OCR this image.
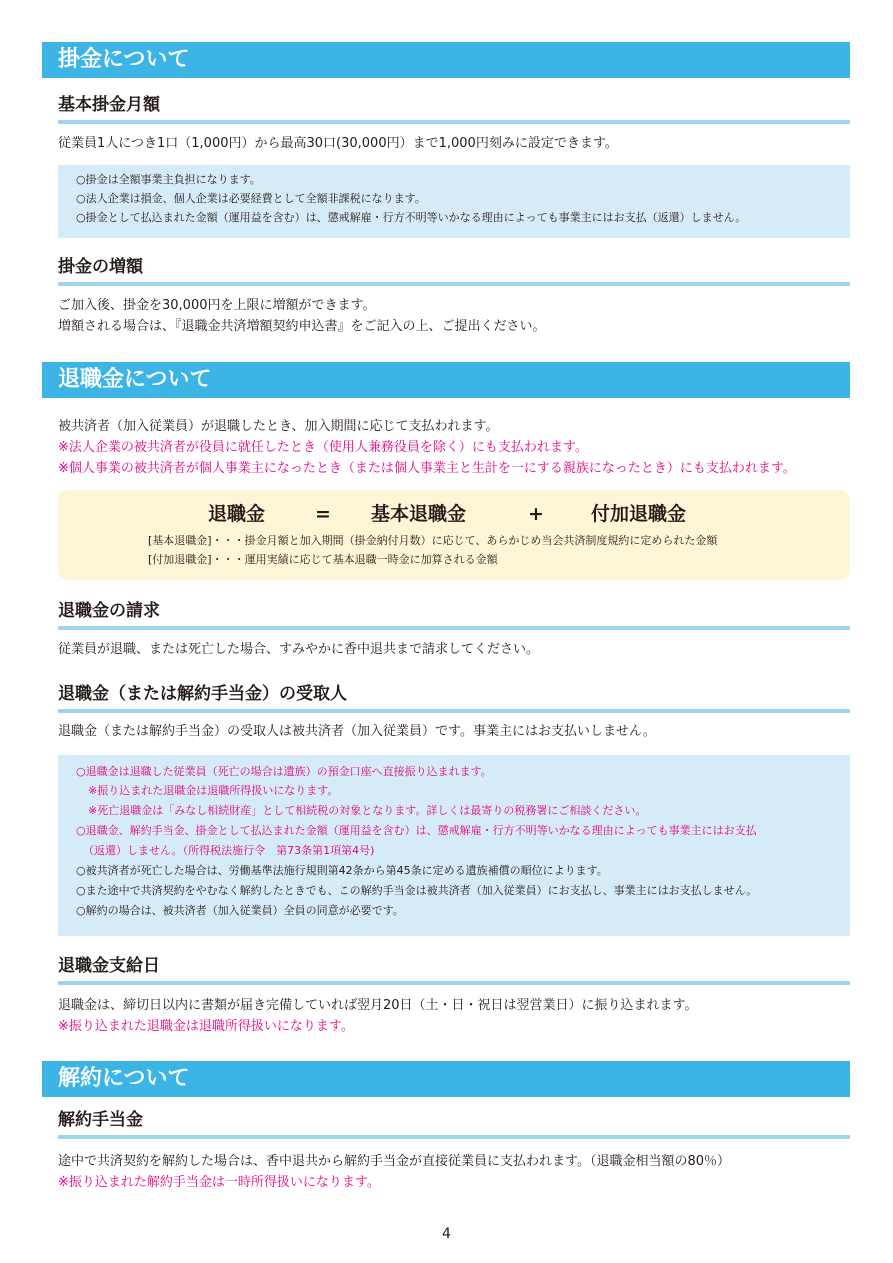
掛金について
基本掛金月額

従業員1人につき1口（1,000円）から最高30口(30,000円）まで1,000円刻みに設定できます。

○掛金は全額事業主負担になります。
○法人企業は損金、個人企業は必要経費として全額非課税になります。
○掛金として払込まれた金額（運用益を含む）は、懲戒解雇・行方不明等いかなる理由によっても事業主にはお支払（返還）しません。
掛金の増額

ご加入後、掛金を30,000円を上限に増額ができます。

増額される場合は、『退職金共済増額契約申込書』をご記入の上、ご提出ください。

退職金について

被共済者（加入従業員）が退職したとき、加入期間に応じて支払われます。

※法人企業の被共済者が役員に就任したとき（使用人兼務役員を除く）にも支払われます。

※個人事業の被共済者が個人事業主になったとき（または個人事業主と生計を一にする親族になったとき）にも支払われます。

退職金	= 基本退職金	+ 付加退職金
[基本退職金]・・・掛金月額と加入期間（掛金納付月数）に応じて、あらかじめ当会共済制度規約に定められた金額
[付加退職金]・・・運用実績に応じて基本退職一時金に加算される金額
退職金の請求

従業員が退職、または死亡した場合、すみやかに香中退共まで請求してください。

退職金（または解約手当金）の受取人

退職金（または解約手当金）の受取人は被共済者（加入従業員）です。事業主にはお支払いしません。

○退職金は退職した従業員（死亡の場合は遺族）の預金口座へ直接振り込まれます。
※振り込まれた退職金は退職所得扱いになります。
※死亡退職金は「みなし相続財産」として相続税の対象となります。詳しくは最寄りの税務署にご相談ください。
○退職金、解約手当金、掛金として払込まれた金額（運用益を含む）は、懲戒解雇・行方不明等いかなる理由によっても事業主にはお支払
（返還）しません。（所得税法施行令　第73条第1項第4号)
○被共済者が死亡した場合は、労働基準法施行規則第42条から第45条に定める遺族補償の順位によります。
○また途中で共済契約をやむなく解約したときでも、この解約手当金は被共済者（加入従業員）にお支払し、事業主にはお支払しません。
○解約の場合は、被共済者（加入従業員）全員の同意が必要です。
退職金支給日

退職金は、締切日以内に書類が届き完備していれば翌月20日（土・日・祝日は翌営業日）に振り込まれます。

※振り込まれた退職金は退職所得扱いになります。

解約について
解約手当金

途中で共済契約を解約した場合は、香中退共から解約手当金が直接従業員に支払われます。（退職金相当額の80％）

※振り込まれた解約手当金は一時所得扱いになります。

4
